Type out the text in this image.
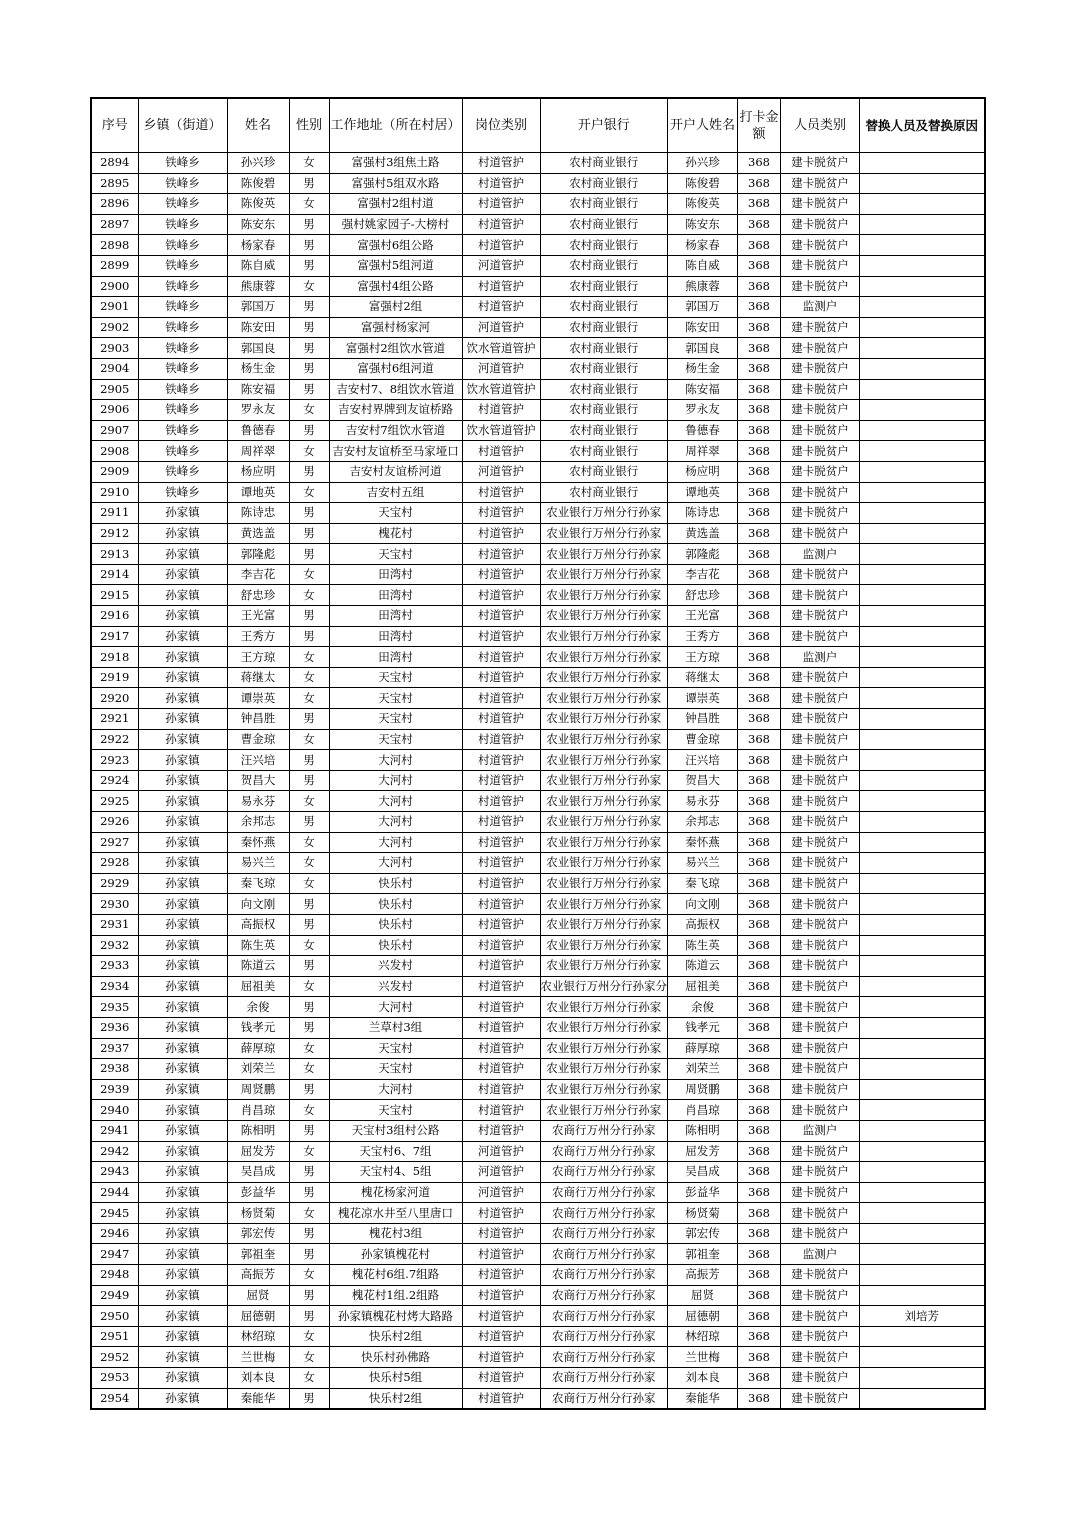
序号	乡镇（街道）	姓名	性别	工作地址（所在村居）	岗位类别	开户银行	开户人姓名	打卡金额	人员类别	替换人员及替换原因
2894	铁峰乡	孙兴珍	女	富强村3组焦土路	村道管护	农村商业银行	孙兴珍	368	建卡脱贫户	
2895	铁峰乡	陈俊碧	男	富强村5组双水路	村道管护	农村商业银行	陈俊碧	368	建卡脱贫户	
2896	铁峰乡	陈俊英	女	富强村2组村道	村道管护	农村商业银行	陈俊英	368	建卡脱贫户	
2897	铁峰乡	陈安东	男	强村姚家园子-大榜村	村道管护	农村商业银行	陈安东	368	建卡脱贫户	
2898	铁峰乡	杨家春	男	富强村6组公路	村道管护	农村商业银行	杨家春	368	建卡脱贫户	
2899	铁峰乡	陈自威	男	富强村5组河道	河道管护	农村商业银行	陈自威	368	建卡脱贫户	
2900	铁峰乡	熊康蓉	女	富强村4组公路	村道管护	农村商业银行	熊康蓉	368	建卡脱贫户	
2901	铁峰乡	郭国万	男	富强村2组	村道管护	农村商业银行	郭国万	368	监测户	
2902	铁峰乡	陈安田	男	富强村杨家河	河道管护	农村商业银行	陈安田	368	建卡脱贫户	
2903	铁峰乡	郭国良	男	富强村2组饮水管道	饮水管道管护	农村商业银行	郭国良	368	建卡脱贫户	
2904	铁峰乡	杨生金	男	富强村6组河道	河道管护	农村商业银行	杨生金	368	建卡脱贫户	
2905	铁峰乡	陈安福	男	吉安村7、8组饮水管道	饮水管道管护	农村商业银行	陈安福	368	建卡脱贫户	
2906	铁峰乡	罗永友	女	吉安村界牌到友谊桥路	村道管护	农村商业银行	罗永友	368	建卡脱贫户	
2907	铁峰乡	鲁德春	男	吉安村7组饮水管道	饮水管道管护	农村商业银行	鲁德春	368	建卡脱贫户	
2908	铁峰乡	周祥翠	女	吉安村友谊桥至马家垭口	村道管护	农村商业银行	周祥翠	368	建卡脱贫户	
2909	铁峰乡	杨应明	男	吉安村友谊桥河道	河道管护	农村商业银行	杨应明	368	建卡脱贫户	
2910	铁峰乡	谭地英	女	吉安村五组	村道管护	农村商业银行	谭地英	368	建卡脱贫户	
2911	孙家镇	陈诗忠	男	天宝村	村道管护	农业银行万州分行孙家	陈诗忠	368	建卡脱贫户	
2912	孙家镇	黄选盖	男	槐花村	村道管护	农业银行万州分行孙家	黄选盖	368	建卡脱贫户	
2913	孙家镇	郭隆彪	男	天宝村	村道管护	农业银行万州分行孙家	郭隆彪	368	监测户	
2914	孙家镇	李吉花	女	田湾村	村道管护	农业银行万州分行孙家	李吉花	368	建卡脱贫户	
2915	孙家镇	舒忠珍	女	田湾村	村道管护	农业银行万州分行孙家	舒忠珍	368	建卡脱贫户	
2916	孙家镇	王光富	男	田湾村	村道管护	农业银行万州分行孙家	王光富	368	建卡脱贫户	
2917	孙家镇	王秀方	男	田湾村	村道管护	农业银行万州分行孙家	王秀方	368	建卡脱贫户	
2918	孙家镇	王方琼	女	田湾村	村道管护	农业银行万州分行孙家	王方琼	368	监测户	
2919	孙家镇	蒋继太	女	天宝村	村道管护	农业银行万州分行孙家	蒋继太	368	建卡脱贫户	
2920	孙家镇	谭崇英	女	天宝村	村道管护	农业银行万州分行孙家	谭崇英	368	建卡脱贫户	
2921	孙家镇	钟昌胜	男	天宝村	村道管护	农业银行万州分行孙家	钟昌胜	368	建卡脱贫户	
2922	孙家镇	曹金琼	女	天宝村	村道管护	农业银行万州分行孙家	曹金琼	368	建卡脱贫户	
2923	孙家镇	汪兴培	男	大河村	村道管护	农业银行万州分行孙家	汪兴培	368	建卡脱贫户	
2924	孙家镇	贺昌大	男	大河村	村道管护	农业银行万州分行孙家	贺昌大	368	建卡脱贫户	
2925	孙家镇	易永芬	女	大河村	村道管护	农业银行万州分行孙家	易永芬	368	建卡脱贫户	
2926	孙家镇	余邦志	男	大河村	村道管护	农业银行万州分行孙家	余邦志	368	建卡脱贫户	
2927	孙家镇	秦怀燕	女	大河村	村道管护	农业银行万州分行孙家	秦怀燕	368	建卡脱贫户	
2928	孙家镇	易兴兰	女	大河村	村道管护	农业银行万州分行孙家	易兴兰	368	建卡脱贫户	
2929	孙家镇	秦飞琼	女	快乐村	村道管护	农业银行万州分行孙家	秦飞琼	368	建卡脱贫户	
2930	孙家镇	向文刚	男	快乐村	村道管护	农业银行万州分行孙家	向文刚	368	建卡脱贫户	
2931	孙家镇	高振权	男	快乐村	村道管护	农业银行万州分行孙家	高振权	368	建卡脱贫户	
2932	孙家镇	陈生英	女	快乐村	村道管护	农业银行万州分行孙家	陈生英	368	建卡脱贫户	
2933	孙家镇	陈道云	男	兴发村	村道管护	农业银行万州分行孙家	陈道云	368	建卡脱贫户	
2934	孙家镇	屈祖美	女	兴发村	村道管护	农业银行万州分行孙家分	屈祖美	368	建卡脱贫户	
2935	孙家镇	余俊	男	大河村	村道管护	农业银行万州分行孙家	余俊	368	建卡脱贫户	
2936	孙家镇	钱孝元	男	兰草村3组	村道管护	农业银行万州分行孙家	钱孝元	368	建卡脱贫户	
2937	孙家镇	薛厚琼	女	天宝村	村道管护	农业银行万州分行孙家	薛厚琼	368	建卡脱贫户	
2938	孙家镇	刘荣兰	女	天宝村	村道管护	农业银行万州分行孙家	刘荣兰	368	建卡脱贫户	
2939	孙家镇	周贤鹏	男	大河村	村道管护	农业银行万州分行孙家	周贤鹏	368	建卡脱贫户	
2940	孙家镇	肖昌琼	女	天宝村	村道管护	农业银行万州分行孙家	肖昌琼	368	建卡脱贫户	
2941	孙家镇	陈相明	男	天宝村3组村公路	村道管护	农商行万州分行孙家	陈相明	368	监测户	
2942	孙家镇	屈发芳	女	天宝村6、7组	河道管护	农商行万州分行孙家	屈发芳	368	建卡脱贫户	
2943	孙家镇	吴昌成	男	天宝村4、5组	河道管护	农商行万州分行孙家	吴昌成	368	建卡脱贫户	
2944	孙家镇	彭益华	男	槐花杨家河道	河道管护	农商行万州分行孙家	彭益华	368	建卡脱贫户	
2945	孙家镇	杨贤菊	女	槐花凉水井至八里唐口	村道管护	农商行万州分行孙家	杨贤菊	368	建卡脱贫户	
2946	孙家镇	郭宏传	男	槐花村3组	村道管护	农商行万州分行孙家	郭宏传	368	建卡脱贫户	
2947	孙家镇	郭祖奎	男	孙家镇槐花村	村道管护	农商行万州分行孙家	郭祖奎	368	监测户	
2948	孙家镇	高振芳	女	槐花村6组.7组路	村道管护	农商行万州分行孙家	高振芳	368	建卡脱贫户	
2949	孙家镇	屈贤	男	槐花村1组.2组路	村道管护	农商行万州分行孙家	屈贤	368	建卡脱贫户	
2950	孙家镇	屈德朝	男	孙家镇槐花村烤大路路	村道管护	农商行万州分行孙家	屈德朝	368	建卡脱贫户	刘培芳
2951	孙家镇	林绍琼	女	快乐村2组	村道管护	农商行万州分行孙家	林绍琼	368	建卡脱贫户	
2952	孙家镇	兰世梅	女	快乐村孙佛路	村道管护	农商行万州分行孙家	兰世梅	368	建卡脱贫户	
2953	孙家镇	刘本良	女	快乐村5组	村道管护	农商行万州分行孙家	刘本良	368	建卡脱贫户	
2954	孙家镇	秦能华	男	快乐村2组	村道管护	农商行万州分行孙家	秦能华	368	建卡脱贫户	
